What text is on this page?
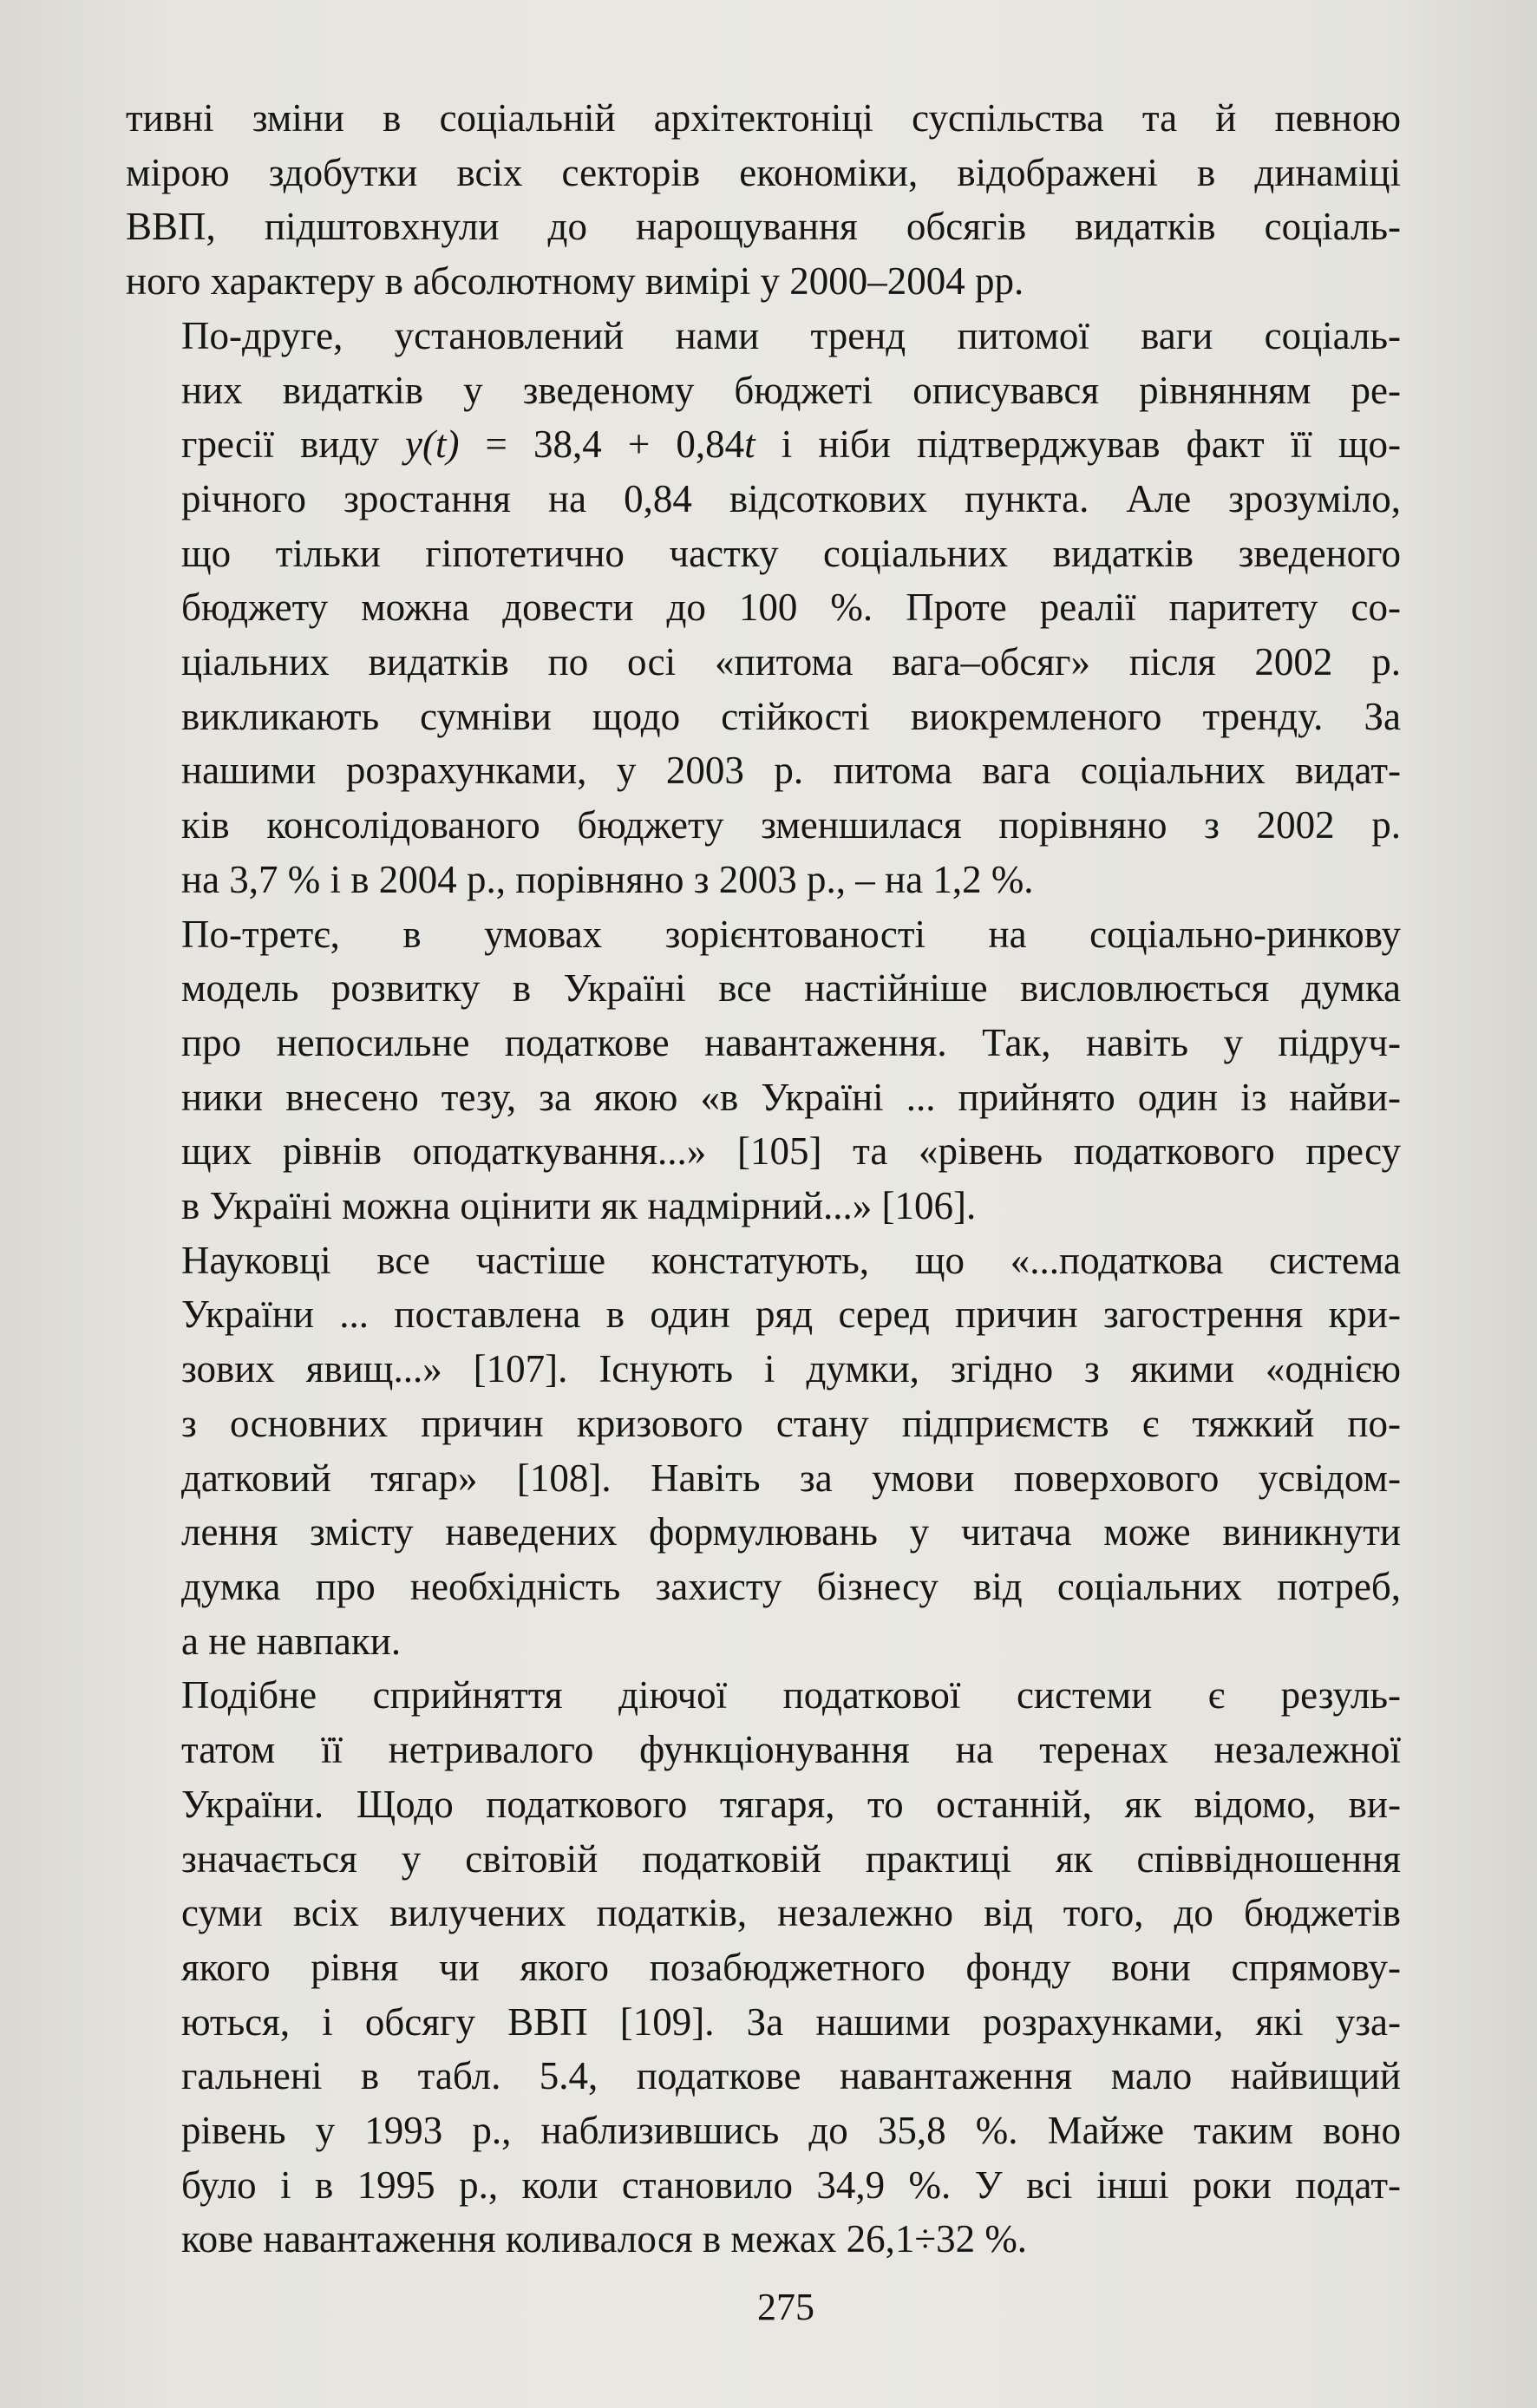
тивні зміни в соціальній архітектоніці суспільства та й певною
мірою здобутки всіх секторів економіки, відображені в динаміці
ВВП, підштовхнули до нарощування обсягів видатків соціаль-
ного характеру в абсолютному вимірі у 2000–2004 рр.
По-друге, установлений нами тренд питомої ваги соціаль-
них видатків у зведеному бюджеті описувався рівнянням ре-
гресії виду y(t) = 38,4 + 0,84t і ніби підтверджував факт її що-
річного зростання на 0,84 відсоткових пункта. Але зрозуміло,
що тільки гіпотетично частку соціальних видатків зведеного
бюджету можна довести до 100 %. Проте реалії паритету со-
ціальних видатків по осі «питома вага–обсяг» після 2002 р.
викликають сумніви щодо стійкості виокремленого тренду. За
нашими розрахунками, у 2003 р. питома вага соціальних видат-
ків консолідованого бюджету зменшилася порівняно з 2002 р.
на 3,7 % і в 2004 р., порівняно з 2003 р., – на 1,2 %.
По-третє, в умовах зорієнтованості на соціально-ринкову
модель розвитку в Україні все настійніше висловлюється думка
про непосильне податкове навантаження. Так, навіть у підруч-
ники внесено тезу, за якою «в Україні ... прийнято один із найви-
щих рівнів оподаткування...» [105] та «рівень податкового пресу
в Україні можна оцінити як надмірний...» [106].
Науковці все частіше констатують, що «...податкова система
України ... поставлена в один ряд серед причин загострення кри-
зових явищ...» [107]. Існують і думки, згідно з якими «однією
з основних причин кризового стану підприємств є тяжкий по-
датковий тягар» [108]. Навіть за умови поверхового усвідом-
лення змісту наведених формулювань у читача може виникнути
думка про необхідність захисту бізнесу від соціальних потреб,
а не навпаки.
Подібне сприйняття діючої податкової системи є резуль-
татом її нетривалого функціонування на теренах незалежної
України. Щодо податкового тягаря, то останній, як відомо, ви-
значається у світовій податковій практиці як співвідношення
суми всіх вилучених податків, незалежно від того, до бюджетів
якого рівня чи якого позабюджетного фонду вони спрямову-
ються, і обсягу ВВП [109]. За нашими розрахунками, які уза-
гальнені в табл. 5.4, податкове навантаження мало найвищий
рівень у 1993 р., наблизившись до 35,8 %. Майже таким воно
було і в 1995 р., коли становило 34,9 %. У всі інші роки подат-
кове навантаження коливалося в межах 26,1÷32 %.
275
